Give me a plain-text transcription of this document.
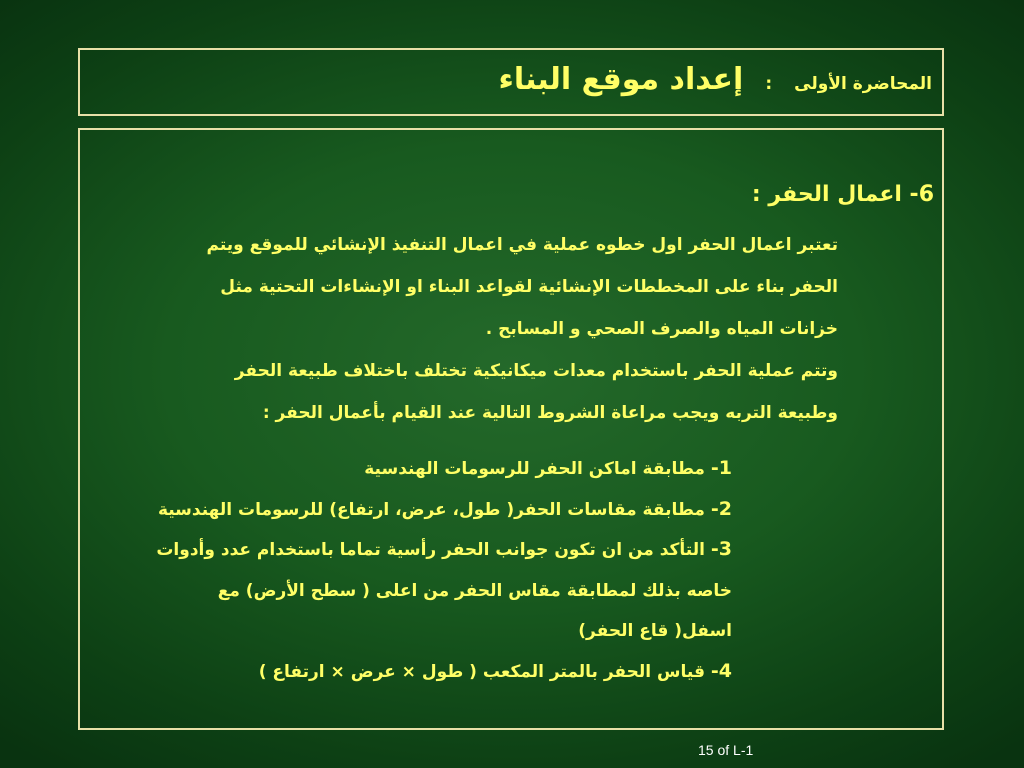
المحاضرة الأولى
:
إعداد موقع البناء
6- اعمال الحفر :
تعتبر اعمال الحفر اول خطوه عملية في اعمال التنفيذ الإنشائي للموقع ويتم
الحفر بناء على المخططات الإنشائية لقواعد البناء او الإنشاءات التحتية مثل
خزانات المياه والصرف الصحي و المسابح .
وتتم عملية الحفر باستخدام معدات ميكانيكية تختلف باختلاف طبيعة الحفر
وطبيعة التربه ويجب مراعاة الشروط التالية عند القيام بأعمال الحفر :
1- مطابقة اماكن الحفر للرسومات الهندسية
2- مطابقة مقاسات الحفر( طول، عرض، ارتفاع) للرسومات الهندسية
3- التأكد من ان تكون جوانب الحفر رأسية تماما باستخدام عدد وأدوات
خاصه بذلك لمطابقة مقاس الحفر من اعلى ( سطح الأرض) مع
اسفل( قاع الحفر)
4- قياس الحفر بالمتر المكعب ( طول × عرض × ارتفاع )
15 of L-1
